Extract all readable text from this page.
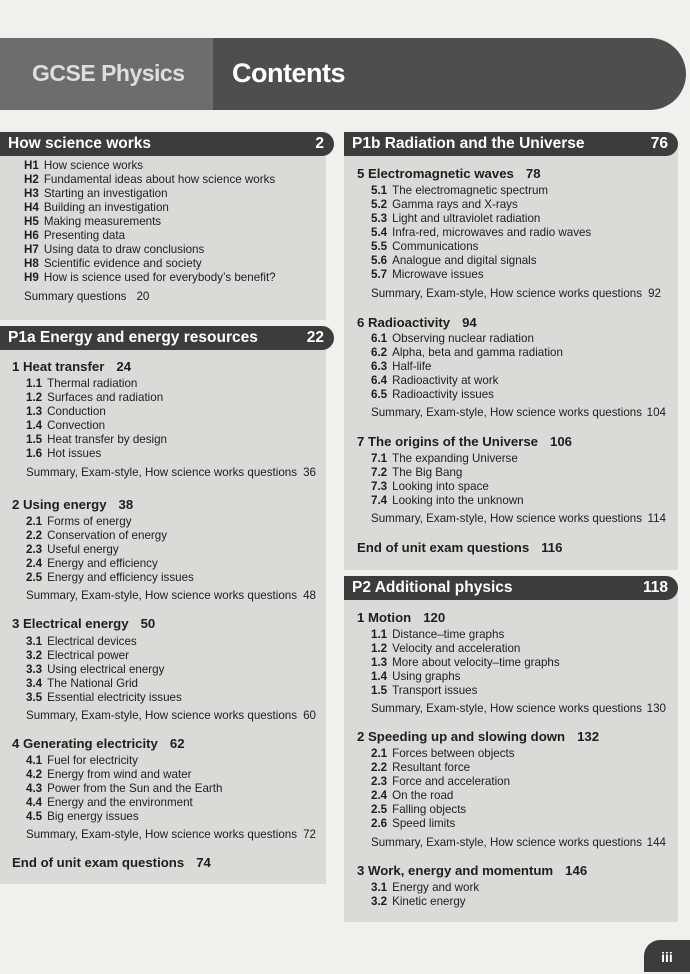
GCSE Physics Contents
How science works	2
H1 How science works
H2 Fundamental ideas about how science works
H3 Starting an investigation
H4 Building an investigation
H5 Making measurements
H6 Presenting data
H7 Using data to draw conclusions
H8 Scientific evidence and society
H9 How is science used for everybody’s benefit?
Summary questions 20
P1a Energy and energy resources	22
1 Heat transfer 24
1.1 Thermal radiation
1.2 Surfaces and radiation
1.3 Conduction
1.4 Convection
1.5 Heat transfer by design
1.6 Hot issues
Summary, Exam-style, How science works questions 36
2 Using energy 38
2.1 Forms of energy
2.2 Conservation of energy
2.3 Useful energy
2.4 Energy and efficiency
2.5 Energy and efficiency issues
Summary, Exam-style, How science works questions 48
3 Electrical energy 50
3.1 Electrical devices
3.2 Electrical power
3.3 Using electrical energy
3.4 The National Grid
3.5 Essential electricity issues
Summary, Exam-style, How science works questions 60
4 Generating electricity 62
4.1 Fuel for electricity
4.2 Energy from wind and water
4.3 Power from the Sun and the Earth
4.4 Energy and the environment
4.5 Big energy issues
Summary, Exam-style, How science works questions 72
End of unit exam questions 74
P1b Radiation and the Universe	76
5 Electromagnetic waves 78
5.1 The electromagnetic spectrum
5.2 Gamma rays and X-rays
5.3 Light and ultraviolet radiation
5.4 Infra-red, microwaves and radio waves
5.5 Communications
5.6 Analogue and digital signals
5.7 Microwave issues
Summary, Exam-style, How science works questions 92
6 Radioactivity 94
6.1 Observing nuclear radiation
6.2 Alpha, beta and gamma radiation
6.3 Half-life
6.4 Radioactivity at work
6.5 Radioactivity issues
Summary, Exam-style, How science works questions 104
7 The origins of the Universe 106
7.1 The expanding Universe
7.2 The Big Bang
7.3 Looking into space
7.4 Looking into the unknown
Summary, Exam-style, How science works questions 114
End of unit exam questions 116
P2 Additional physics	118
1 Motion 120
1.1 Distance–time graphs
1.2 Velocity and acceleration
1.3 More about velocity–time graphs
1.4 Using graphs
1.5 Transport issues
Summary, Exam-style, How science works questions 130
2 Speeding up and slowing down 132
2.1 Forces between objects
2.2 Resultant force
2.3 Force and acceleration
2.4 On the road
2.5 Falling objects
2.6 Speed limits
Summary, Exam-style, How science works questions 144
3 Work, energy and momentum 146
3.1 Energy and work
3.2 Kinetic energy
iii
